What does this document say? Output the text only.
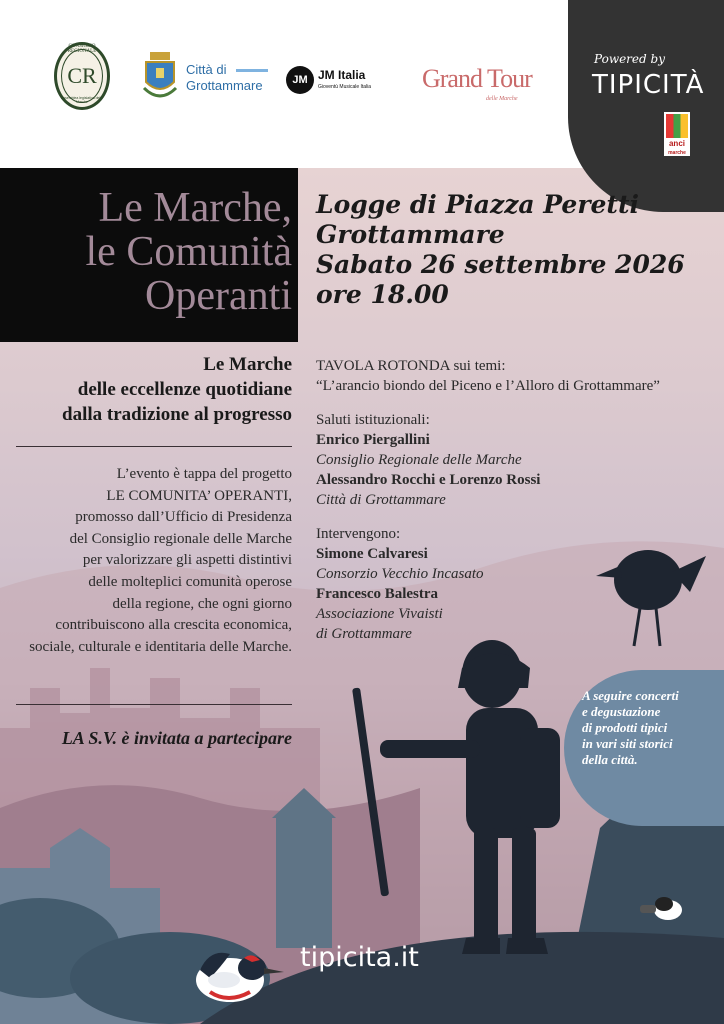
CR
CONSIGLIO REGIONALE
Assemblea legislativa delle Marche
Città di
Grottammare	JM JM Italia
Gioventù Musicale Italia Grand Tour
delle Marche
Powered by
TIPICITÀ
anci
marche
Le Marche,
le Comunità
Operanti
Logge di Piazza Peretti
Grottammare
Sabato 26 settembre 2026
ore 18.00
Le Marche
delle eccellenze quotidiane
dalla tradizione al progresso
L’evento è tappa del progetto
LE COMUNITA’ OPERANTI,
promosso dall’Ufficio di Presidenza
del Consiglio regionale delle Marche
per valorizzare gli aspetti distintivi
delle molteplici comunità operose
della regione, che ogni giorno
contribuiscono alla crescita economica,
sociale, culturale e identitaria delle Marche.
LA S.V. è invitata a partecipare
TAVOLA ROTONDA sui temi:
“L’arancio biondo del Piceno e l’Alloro di Grottammare”
Saluti istituzionali:
Enrico Piergallini
Consiglio Regionale delle Marche
Alessandro Rocchi e Lorenzo Rossi
Città di Grottammare
Intervengono:
Simone Calvaresi
Consorzio Vecchio Incasato
Francesco Balestra
Associazione Vivaisti
di Grottammare
A seguire concerti
e degustazione
di prodotti tipici
in vari siti storici
della città.
tipicita.it
